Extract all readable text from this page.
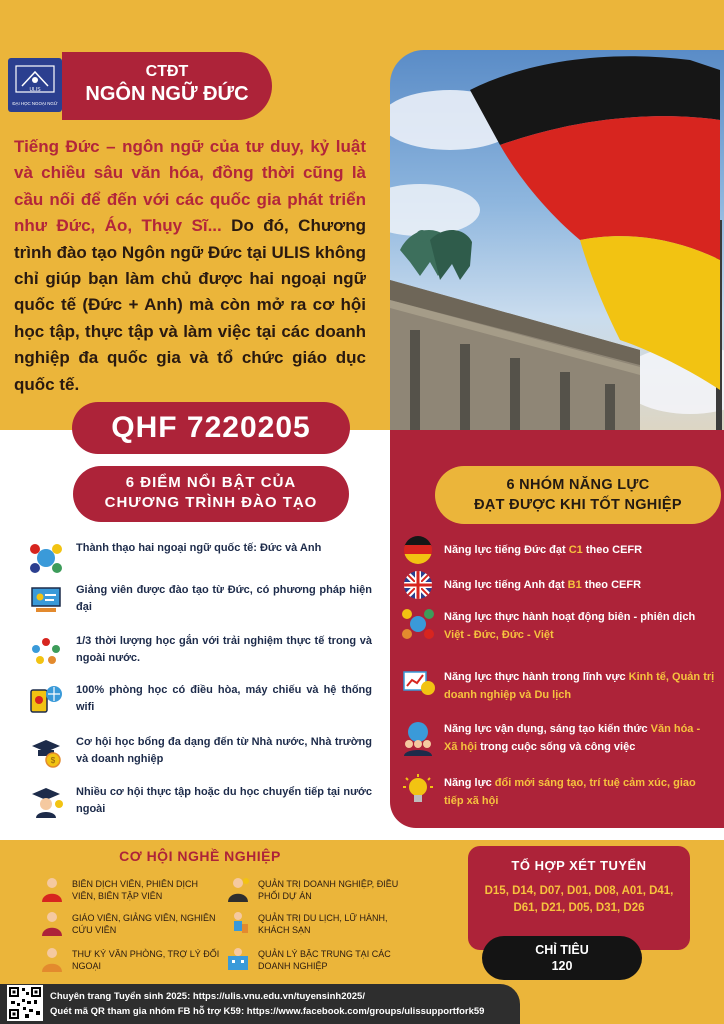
ULIS
ĐẠI HỌC NGOẠI NGỮ
CTĐT
NGÔN NGỮ ĐỨC
Tiếng Đức – ngôn ngữ của tư duy, kỷ luật và chiều sâu văn hóa, đồng thời cũng là cầu nối để đến với các quốc gia phát triển như Đức, Áo, Thụy Sĩ... Do đó, Chương trình đào tạo Ngôn ngữ Đức tại ULIS không chỉ giúp bạn làm chủ được hai ngoại ngữ quốc tế (Đức + Anh) mà còn mở ra cơ hội học tập, thực tập và làm việc tại các doanh nghiệp đa quốc gia và tổ chức giáo dục quốc tế.
QHF 7220205
6 ĐIỂM NỔI BẬT CỦA
CHƯƠNG TRÌNH ĐÀO TẠO
Thành thạo hai ngoại ngữ quốc tế: Đức và Anh
Giảng viên được đào tạo từ Đức, có phương pháp hiện đại
1/3 thời lượng học gắn với trải nghiệm thực tế trong và ngoài nước.
100% phòng học có điều hòa, máy chiếu và hệ thống wifi
$
Cơ hội học bổng đa dạng đến từ Nhà nước, Nhà trường và doanh nghiệp
Nhiều cơ hội thực tập hoặc du học chuyển tiếp tại nước ngoài
6 NHÓM NĂNG LỰC
ĐẠT ĐƯỢC KHI TỐT NGHIỆP
Năng lực tiếng Đức đạt C1 theo CEFR
Năng lực tiếng Anh đạt B1 theo CEFR
Năng lực thực hành hoạt động biên - phiên dịch Việt - Đức, Đức - Việt
Năng lực thực hành trong lĩnh vực Kinh tế, Quản trị doanh nghiệp và Du lịch
Năng lực vận dụng, sáng tạo kiến thức Văn hóa - Xã hội trong cuộc sống và công việc
Năng lực đổi mới sáng tạo, trí tuệ cảm xúc, giao tiếp xã hội
CƠ HỘI NGHỀ NGHIỆP
BIÊN DỊCH VIÊN, PHIÊN DỊCH VIÊN, BIÊN TẬP VIÊN
QUẢN TRỊ DOANH NGHIỆP, ĐIỀU PHỐI DỰ ÁN
GIÁO VIÊN, GIẢNG VIÊN, NGHIÊN CỨU VIÊN
QUẢN TRỊ DU LỊCH, LỮ HÀNH, KHÁCH SẠN
THƯ KÝ VĂN PHÒNG, TRỢ LÝ ĐỐI NGOẠI
QUẢN LÝ BẬC TRUNG TẠI CÁC DOANH NGHIỆP
TỔ HỢP XÉT TUYỂN
D15, D14, D07, D01, D08, A01, D41, D61, D21, D05, D31, D26
CHỈ TIÊU
120
Chuyên trang Tuyển sinh 2025: https://ulis.vnu.edu.vn/tuyensinh2025/
Quét mã QR tham gia nhóm FB hỗ trợ K59: https://www.facebook.com/groups/ulissupportfork59
